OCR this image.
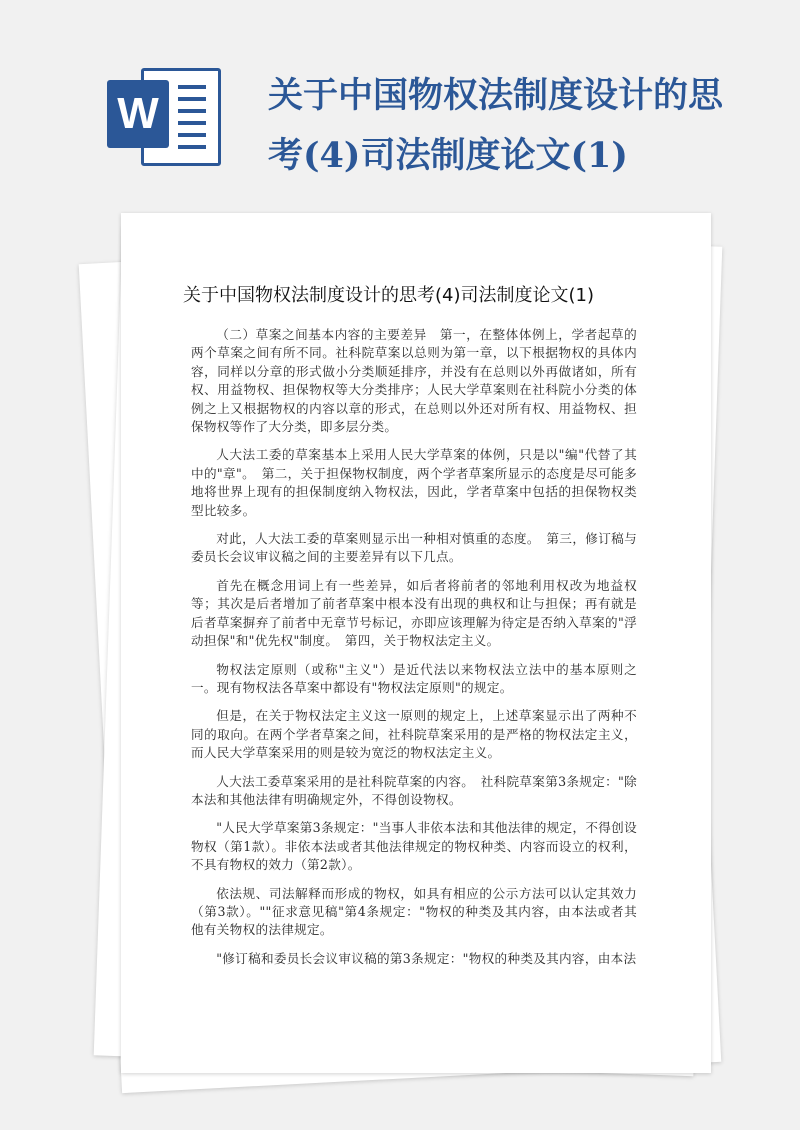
W	关于中国物权法制度设计的思考(4)司法制度论文(1)
关于中国物权法制度设计的思考(4)司法制度论文(1)

（二）草案之间基本内容的主要差异　第一，在整体体例上，学者起草的两个草案之间有所不同。社科院草案以总则为第一章，以下根据物权的具体内容，同样以分章的形式做小分类顺延排序，并没有在总则以外再做诸如，所有权、用益物权、担保物权等大分类排序；人民大学草案则在社科院小分类的体例之上又根据物权的内容以章的形式，在总则以外还对所有权、用益物权、担保物权等作了大分类，即多层分类。

人大法工委的草案基本上采用人民大学草案的体例，只是以"编"代替了其中的"章"。　第二，关于担保物权制度，两个学者草案所显示的态度是尽可能多地将世界上现有的担保制度纳入物权法，因此，学者草案中包括的担保物权类型比较多。

对此，人大法工委的草案则显示出一种相对慎重的态度。　第三，修订稿与委员长会议审议稿之间的主要差异有以下几点。

首先在概念用词上有一些差异，如后者将前者的邻地利用权改为地益权等；其次是后者增加了前者草案中根本没有出现的典权和让与担保；再有就是后者草案摒弃了前者中无章节号标记，亦即应该理解为待定是否纳入草案的"浮动担保"和"优先权"制度。　第四，关于物权法定主义。

物权法定原则（或称"主义"）是近代法以来物权法立法中的基本原则之一。现有物权法各草案中都设有"物权法定原则"的规定。

但是，在关于物权法定主义这一原则的规定上，上述草案显示出了两种不同的取向。在两个学者草案之间，社科院草案采用的是严格的物权法定主义，而人民大学草案采用的则是较为宽泛的物权法定主义。

人大法工委草案采用的是社科院草案的内容。　社科院草案第3条规定："除本法和其他法律有明确规定外，不得创设物权。

"人民大学草案第3条规定："当事人非依本法和其他法律的规定，不得创设物权（第1款）。非依本法或者其他法律规定的物权种类、内容而设立的权利，不具有物权的效力（第2款）。

依法规、司法解释而形成的物权，如具有相应的公示方法可以认定其效力（第3款）。""征求意见稿"第4条规定："物权的种类及其内容，由本法或者其他有关物权的法律规定。

"修订稿和委员长会议审议稿的第3条规定："物权的种类及其内容，由本法
